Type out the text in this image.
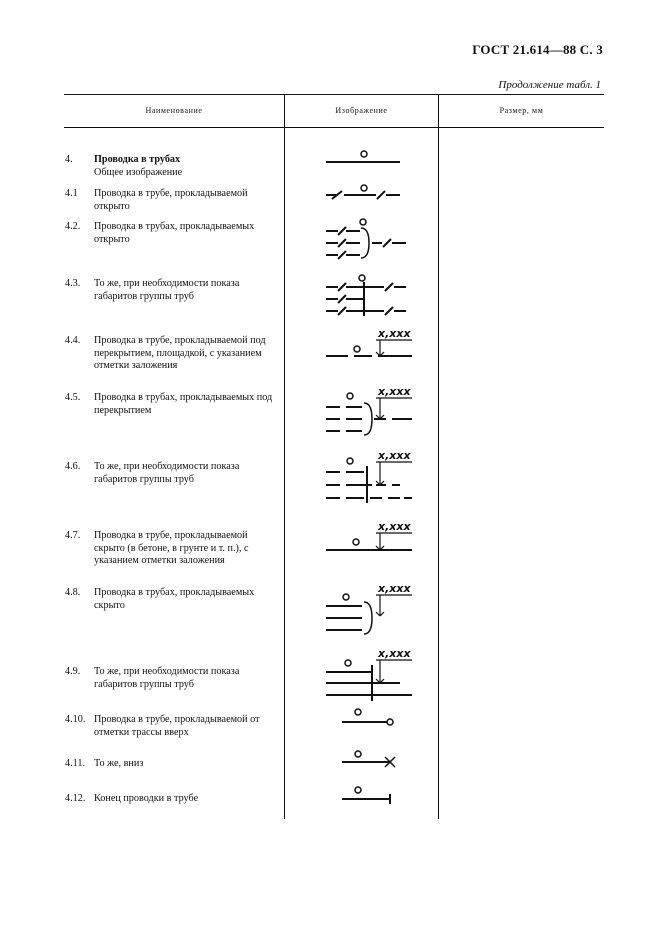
ГОСТ 21.614—88 С. 3
Продолжение табл. 1
Наименование	Изображение	Размер, мм
4. Проводка в трубах
Общее изображение
4.1 Проводка в трубе, прокладываемой открыто
4.2. Проводка в трубах, прокладываемых открыто
4.3. То же, при необходимости показа габаритов группы труб
4.4. Проводка в трубе, прокладываемой под перекрытием, площадкой, с указанием отметки заложения
x,xxx
4.5. Проводка в трубах, прокладываемых под перекрытием
x,xxx
4.6. То же, при необходимости показа габаритов группы труб
x,xxx
4.7. Проводка в трубе, прокладываемой скрыто (в бетоне, в грунте и т. п.), с указанием отметки заложения
x,xxx
4.8. Проводка в трубах, прокладываемых скрыто
x,xxx
4.9. То же, при необходимости показа габаритов группы труб
x,xxx
4.10. Проводка в трубе, прокладываемой от отметки трассы вверх
4.11. То же, вниз
4.12. Конец проводки в трубе
